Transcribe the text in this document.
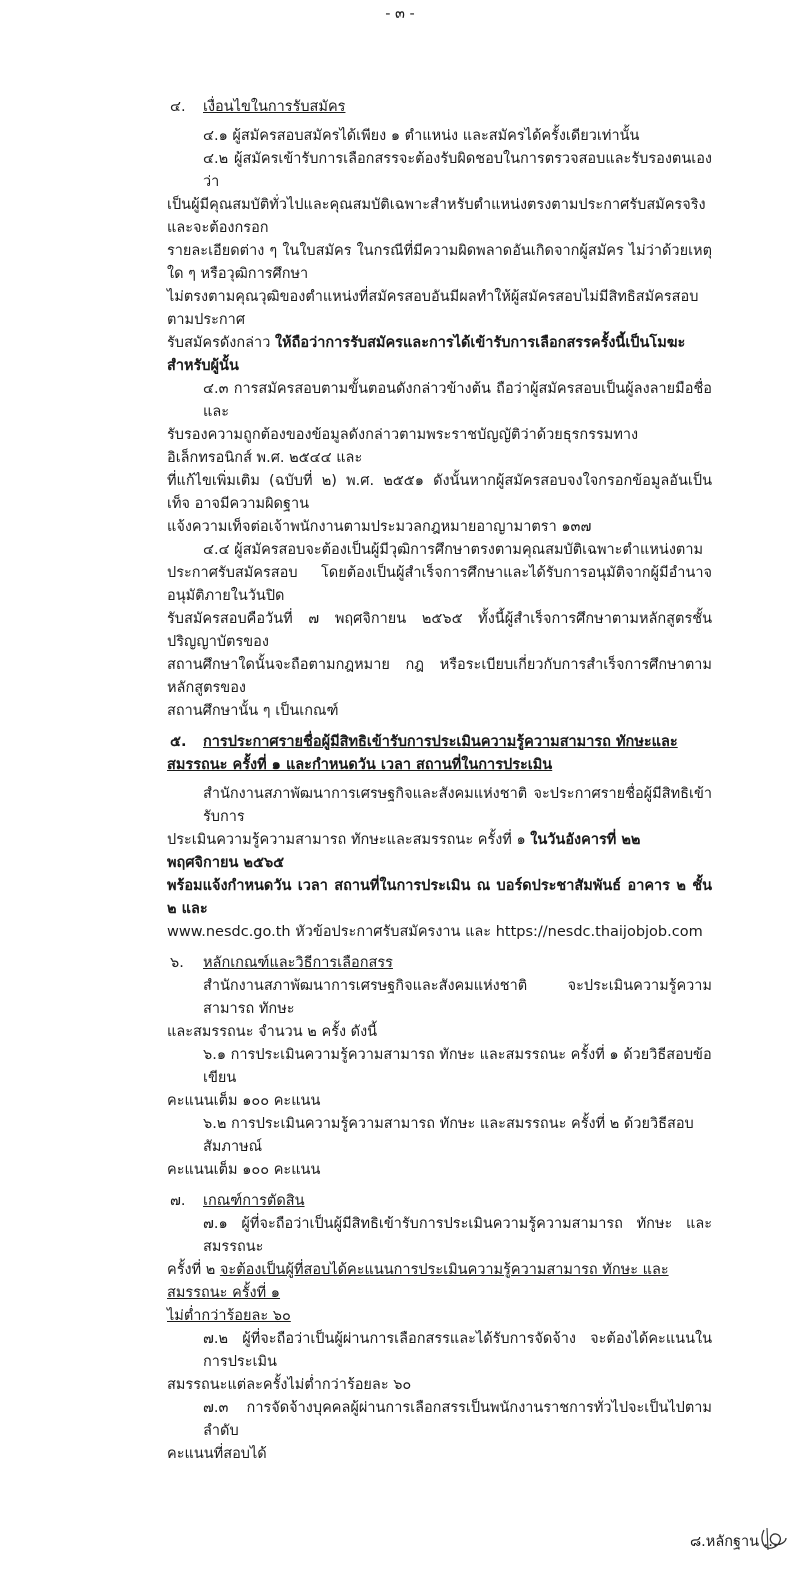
- ๓ -
๔.	เงื่อนไขในการรับสมัคร
๔.๑ ผู้สมัครสอบสมัครได้เพียง ๑ ตำแหน่ง และสมัครได้ครั้งเดียวเท่านั้น
๔.๒ ผู้สมัครเข้ารับการเลือกสรรจะต้องรับผิดชอบในการตรวจสอบและรับรองตนเองว่า
เป็นผู้มีคุณสมบัติทั่วไปและคุณสมบัติเฉพาะสำหรับตำแหน่งตรงตามประกาศรับสมัครจริง และจะต้องกรอก
รายละเอียดต่าง ๆ ในใบสมัคร ในกรณีที่มีความผิดพลาดอันเกิดจากผู้สมัคร ไม่ว่าด้วยเหตุใด ๆ หรือวุฒิการศึกษา
ไม่ตรงตามคุณวุฒิของตำแหน่งที่สมัครสอบอันมีผลทำให้ผู้สมัครสอบไม่มีสิทธิสมัครสอบตามประกาศ
รับสมัครดังกล่าว ให้ถือว่าการรับสมัครและการได้เข้ารับการเลือกสรรครั้งนี้เป็นโมฆะสำหรับผู้นั้น
๔.๓ การสมัครสอบตามขั้นตอนดังกล่าวข้างต้น ถือว่าผู้สมัครสอบเป็นผู้ลงลายมือชื่อและ
รับรองความถูกต้องของข้อมูลดังกล่าวตามพระราชบัญญัติว่าด้วยธุรกรรมทางอิเล็กทรอนิกส์ พ.ศ. ๒๕๔๔ และ
ที่แก้ไขเพิ่มเติม (ฉบับที่ ๒) พ.ศ. ๒๕๕๑ ดังนั้นหากผู้สมัครสอบจงใจกรอกข้อมูลอันเป็นเท็จ อาจมีความผิดฐาน
แจ้งความเท็จต่อเจ้าพนักงานตามประมวลกฎหมายอาญามาตรา ๑๓๗
๔.๔ ผู้สมัครสอบจะต้องเป็นผู้มีวุฒิการศึกษาตรงตามคุณสมบัติเฉพาะตำแหน่งตาม
ประกาศรับสมัครสอบ โดยต้องเป็นผู้สำเร็จการศึกษาและได้รับการอนุมัติจากผู้มีอำนาจอนุมัติภายในวันปิด
รับสมัครสอบคือวันที่ ๗ พฤศจิกายน ๒๕๖๕ ทั้งนี้ผู้สำเร็จการศึกษาตามหลักสูตรชั้นปริญญาบัตรของ
สถานศึกษาใดนั้นจะถือตามกฎหมาย กฎ หรือระเบียบเกี่ยวกับการสำเร็จการศึกษาตามหลักสูตรของ
สถานศึกษานั้น ๆ เป็นเกณฑ์
๕.	การประกาศรายชื่อผู้มีสิทธิเข้ารับการประเมินความรู้ความสามารถ ทักษะและ
สมรรถนะ ครั้งที่ ๑ และกำหนดวัน เวลา สถานที่ในการประเมิน
สำนักงานสภาพัฒนาการเศรษฐกิจและสังคมแห่งชาติ จะประกาศรายชื่อผู้มีสิทธิเข้ารับการ
ประเมินความรู้ความสามารถ ทักษะและสมรรถนะ ครั้งที่ ๑ ในวันอังคารที่ ๒๒ พฤศจิกายน ๒๕๖๕
พร้อมแจ้งกำหนดวัน เวลา สถานที่ในการประเมิน ณ บอร์ดประชาสัมพันธ์ อาคาร ๒ ชั้น ๒ และ
www.nesdc.go.th หัวข้อประกาศรับสมัครงาน และ https://nesdc.thaijobjob.com
๖.	หลักเกณฑ์และวิธีการเลือกสรร
สำนักงานสภาพัฒนาการเศรษฐกิจและสังคมแห่งชาติ จะประเมินความรู้ความสามารถ ทักษะ
และสมรรถนะ จำนวน ๒ ครั้ง ดังนี้
๖.๑ การประเมินความรู้ความสามารถ ทักษะ และสมรรถนะ ครั้งที่ ๑ ด้วยวิธีสอบข้อเขียน
คะแนนเต็ม ๑๐๐ คะแนน
๖.๒ การประเมินความรู้ความสามารถ ทักษะ และสมรรถนะ ครั้งที่ ๒ ด้วยวิธีสอบสัมภาษณ์
คะแนนเต็ม ๑๐๐ คะแนน
๗.	เกณฑ์การตัดสิน
๗.๑ ผู้ที่จะถือว่าเป็นผู้มีสิทธิเข้ารับการประเมินความรู้ความสามารถ ทักษะ และสมรรถนะ
ครั้งที่ ๒ จะต้องเป็นผู้ที่สอบได้คะแนนการประเมินความรู้ความสามารถ ทักษะ และสมรรถนะ ครั้งที่ ๑
ไม่ต่ำกว่าร้อยละ ๖๐
๗.๒ ผู้ที่จะถือว่าเป็นผู้ผ่านการเลือกสรรและได้รับการจัดจ้าง จะต้องได้คะแนนในการประเมิน
สมรรถนะแต่ละครั้งไม่ต่ำกว่าร้อยละ ๖๐
๗.๓ การจัดจ้างบุคคลผู้ผ่านการเลือกสรรเป็นพนักงานราชการทั่วไปจะเป็นไปตามลำดับ
คะแนนที่สอบได้
๘.หลักฐาน ...
